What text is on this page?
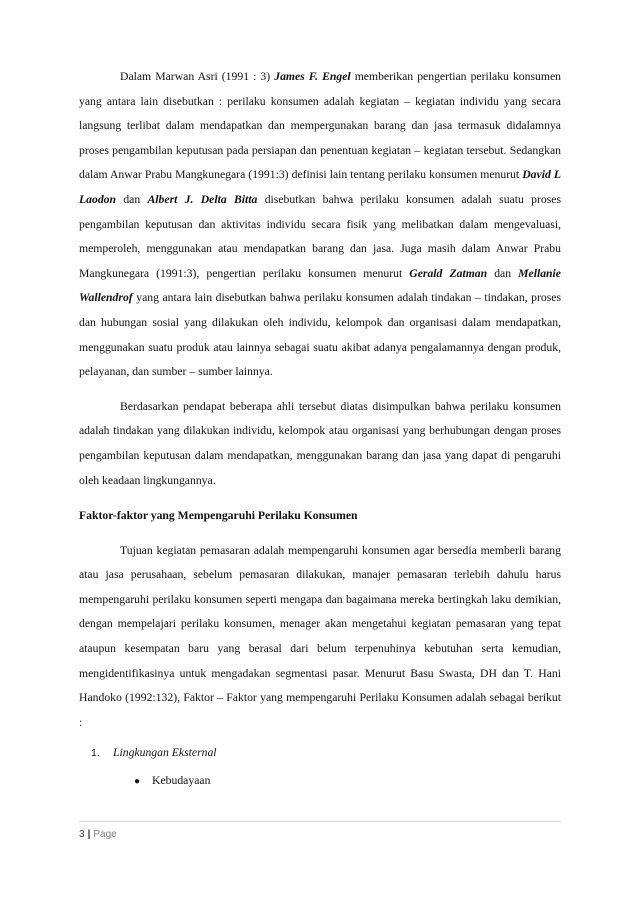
Dalam Marwan Asri (1991 : 3) James F. Engel memberikan pengertian perilaku konsumen yang antara lain disebutkan : perilaku konsumen adalah kegiatan – kegiatan individu yang secara langsung terlibat dalam mendapatkan dan mempergunakan barang dan jasa termasuk didalamnya proses pengambilan keputusan pada persiapan dan penentuan kegiatan – kegiatan tersebut. Sedangkan dalam Anwar Prabu Mangkunegara (1991:3) definisi lain tentang perilaku konsumen menurut David L Laodon dan Albert J. Delta Bitta disebutkan bahwa perilaku konsumen adalah suatu proses pengambilan keputusan dan aktivitas individu secara fisik yang melibatkan dalam mengevaluasi, memperoleh, menggunakan atau mendapatkan barang dan jasa. Juga masih dalam Anwar Prabu Mangkunegara (1991:3), pengertian perilaku konsumen menurut Gerald Zatman dan Mellanie Wallendrof yang antara lain disebutkan bahwa perilaku konsumen adalah tindakan – tindakan, proses dan hubungan sosial yang dilakukan oleh individu, kelompok dan organisasi dalam mendapatkan, menggunakan suatu produk atau lainnya sebagai suatu akibat adanya pengalamannya dengan produk, pelayanan, dan sumber – sumber lainnya.

Berdasarkan pendapat beberapa ahli tersebut diatas disimpulkan bahwa perilaku konsumen adalah tindakan yang dilakukan individu, kelompok atau organisasi yang berhubungan dengan proses pengambilan keputusan dalam mendapatkan, menggunakan barang dan jasa yang dapat di pengaruhi oleh keadaan lingkungannya.

Faktor-faktor yang Mempengaruhi Perilaku Konsumen

Tujuan kegiatan pemasaran adalah mempengaruhi konsumen agar bersedia memberli barang atau jasa perusahaan, sebelum pemasaran dilakukan, manajer pemasaran terlebih dahulu harus mempengaruhi perilaku konsumen seperti mengapa dan bagaimana mereka bertingkah laku demikian, dengan mempelajari perilaku konsumen, menager akan mengetahui kegiatan pemasaran yang tepat ataupun kesempatan baru yang berasal dari belum terpenuhinya kebutuhan serta kemudian, mengidentifikasinya untuk mengadakan segmentasi pasar. Menurut Basu Swasta, DH dan T. Hani Handoko (1992:132), Faktor – Faktor yang mempengaruhi Perilaku Konsumen adalah sebagai berikut :

1. Lingkungan Eksternal
● Kebudayaan
3 | Page
